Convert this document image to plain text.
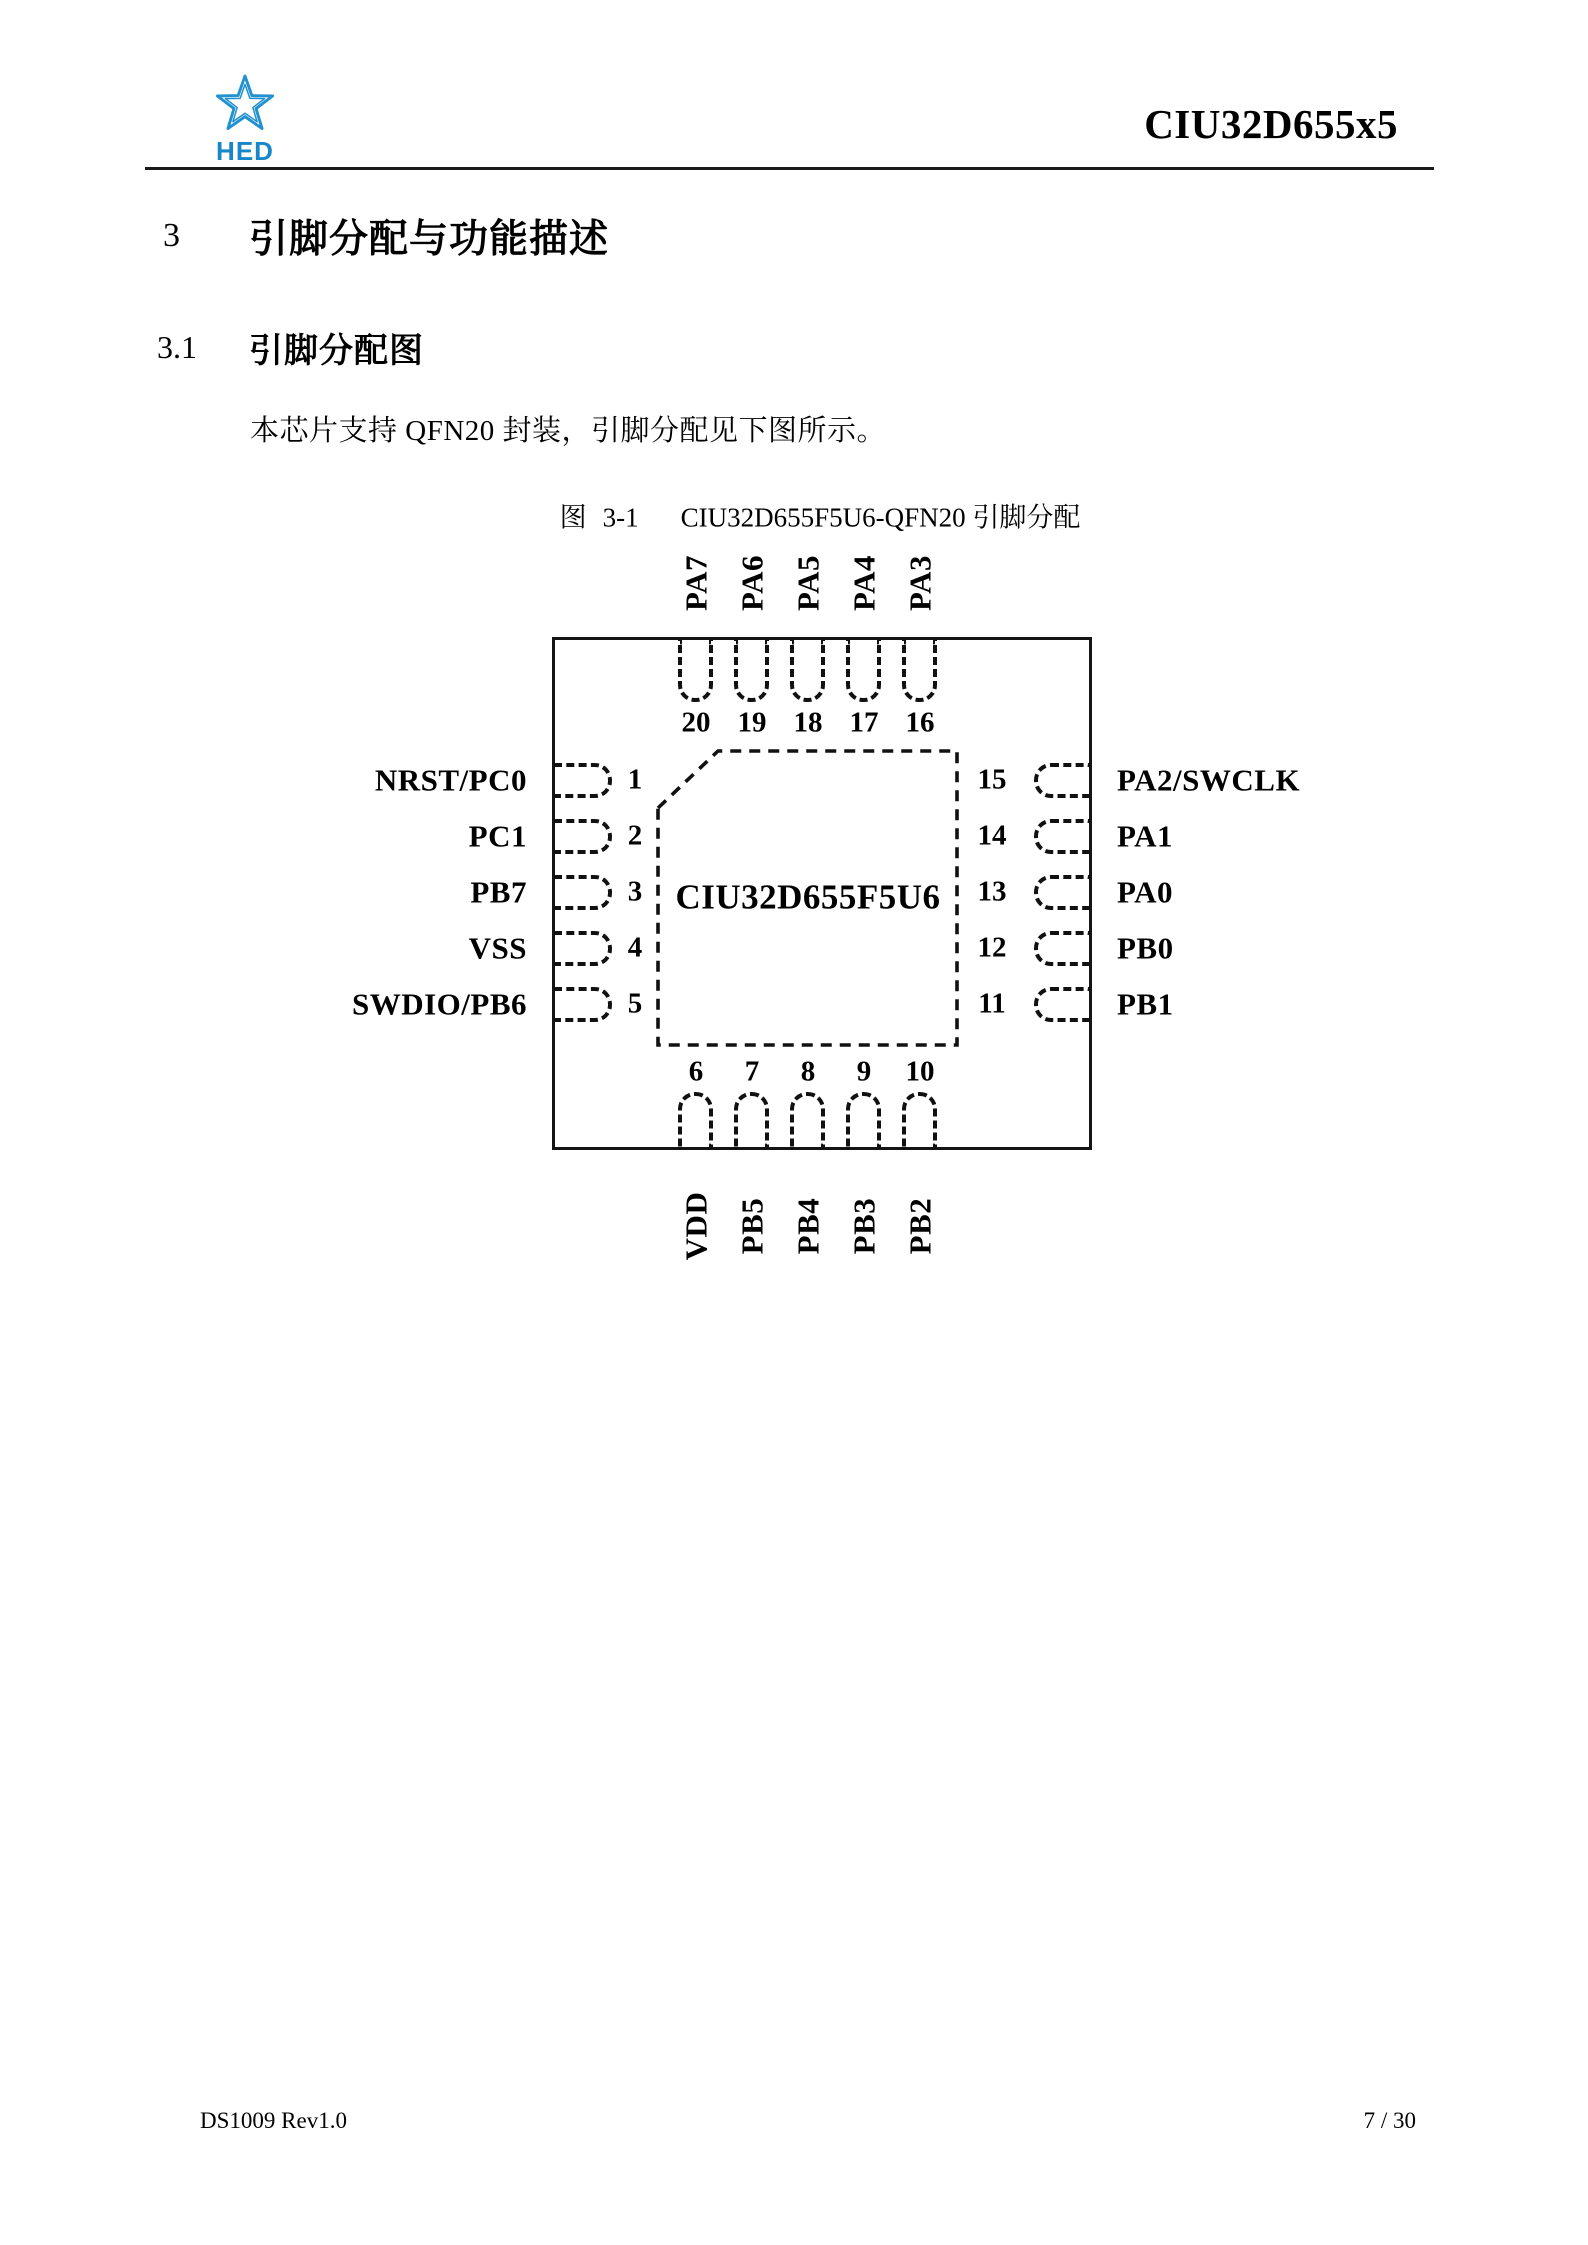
HED
CIU32D655x5
3 引脚分配与功能描述
3.1 引脚分配图
本芯片支持 QFN20 封装，引脚分配见下图所示。
图 3-1 CIU32D655F5U6-QFN20 引脚分配
CIU32D655F5U6
20 19 18 17 16
PA7 PA6 PA5 PA4 PA3
1
2
3
4
5
NRST/PC0
PC1
PB7
VSS
SWDIO/PB6
15
14
13
12
11
PA2/SWCLK
PA1
PA0
PB0
PB1
6 7 8 9 10
VDD PB5 PB4 PB3 PB2
DS1009 Rev1.0	7 / 30
